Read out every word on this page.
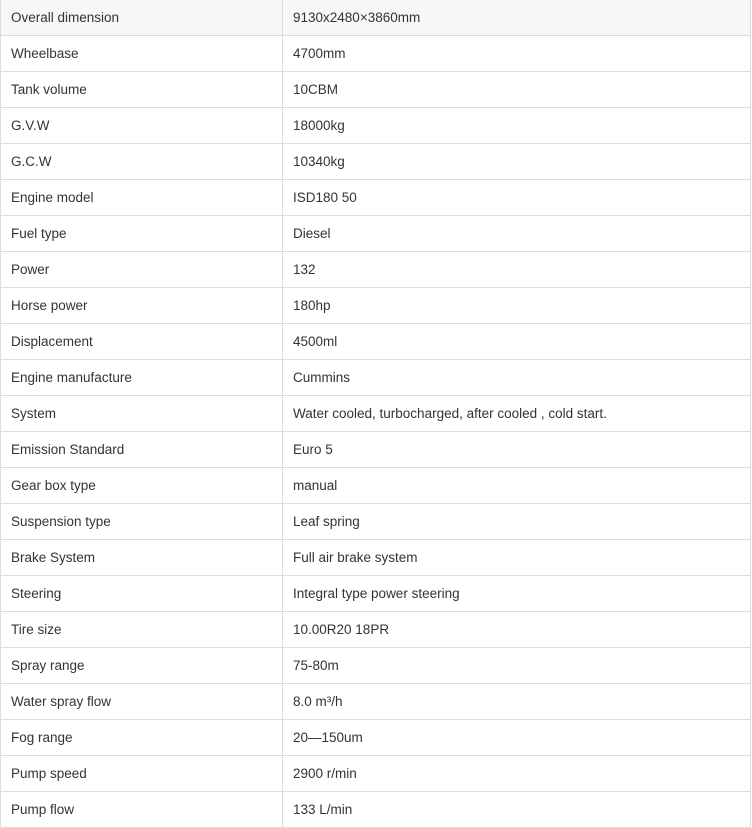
Overall dimension	9130x2480×3860mm
Wheelbase	4700mm
Tank volume	10CBM
G.V.W	18000kg
G.C.W	10340kg
Engine model	ISD180 50
Fuel type	Diesel
Power	132
Horse power	180hp
Displacement	4500ml
Engine manufacture	Cummins
System	Water cooled, turbocharged, after cooled , cold start.
Emission Standard	Euro 5
Gear box type	manual
Suspension type	Leaf spring
Brake System	Full air brake system
Steering	Integral type power steering
Tire size	10.00R20 18PR
Spray range	75-80m
Water spray flow	8.0 m³/h
Fog range	20—150um
Pump speed	2900 r/min
Pump flow	133 L/min
